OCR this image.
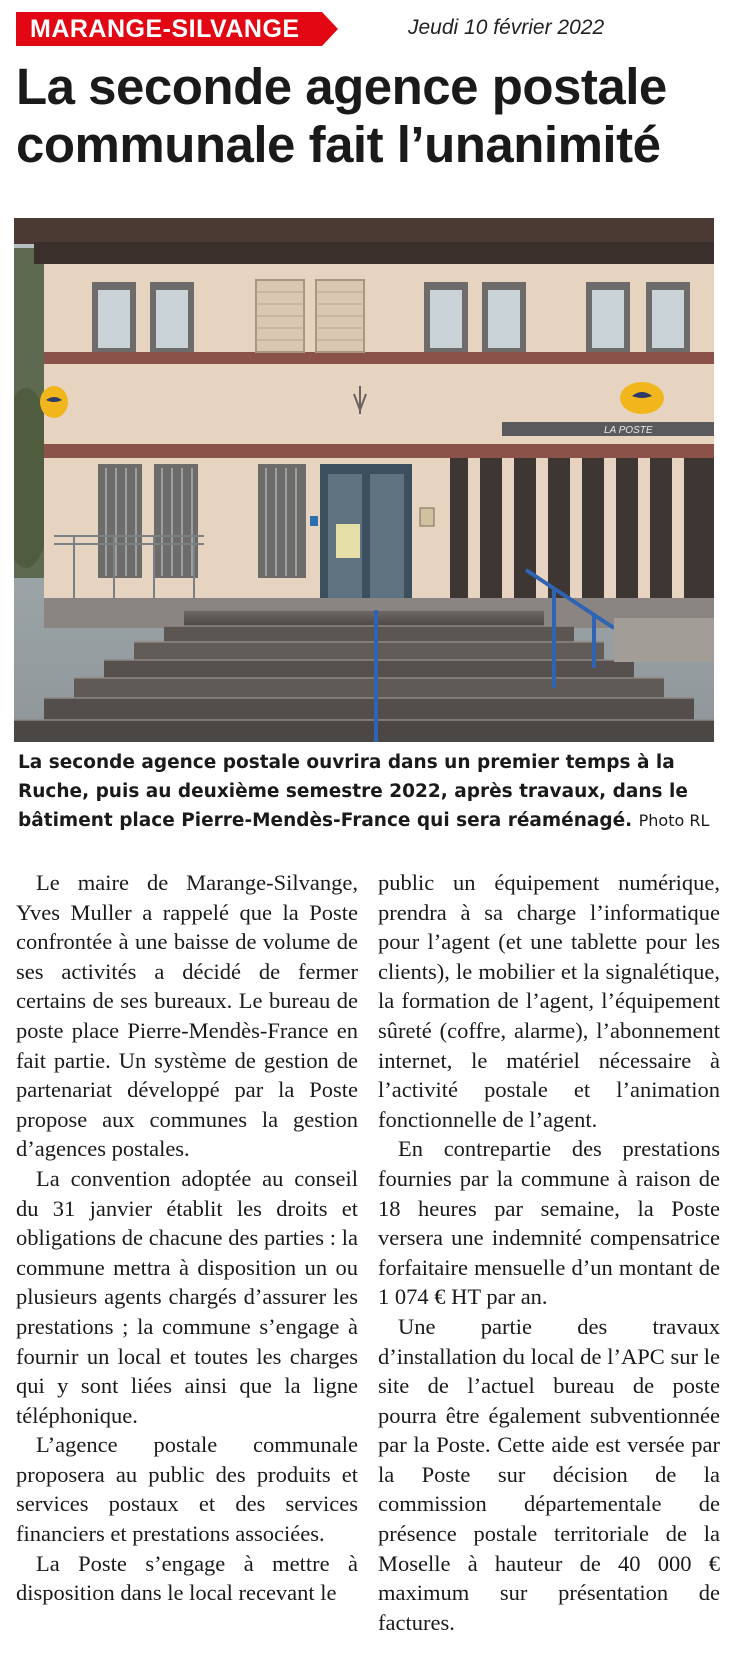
MARANGE-SILVANGE	Jeudi 10 février 2022
La seconde agence postale communale fait l’unanimité
LA POSTE
La seconde agence postale ouvrira dans un premier temps à la Ruche, puis au deuxième semestre 2022, après travaux, dans le bâtiment place Pierre-Mendès-France qui sera réaménagé. Photo RL

Le maire de Marange-Silvange, Yves Muller a rappelé que la Poste confrontée à une baisse de volume de ses activités a décidé de fermer certains de ses bureaux. Le bureau de poste place Pierre-Mendès-France en fait partie. Un système de gestion de partenariat développé par la Poste propose aux communes la gestion d’agences postales.

La convention adoptée au conseil du 31 janvier établit les droits et obligations de chacune des parties : la commune mettra à disposition un ou plusieurs agents chargés d’assurer les prestations ; la commune s’engage à fournir un local et toutes les charges qui y sont liées ainsi que la ligne téléphonique.

L’agence postale communale proposera au public des produits et services postaux et des services financiers et prestations associées.

La Poste s’engage à mettre à disposition dans le local recevant le

public un équipement numérique, prendra à sa charge l’informatique pour l’agent (et une tablette pour les clients), le mobilier et la signalétique, la formation de l’agent, l’équipement sûreté (coffre, alarme), l’abonnement internet, le matériel nécessaire à l’activité postale et l’animation fonctionnelle de l’agent.

En contrepartie des prestations fournies par la commune à raison de 18 heures par semaine, la Poste versera une indemnité compensatrice forfaitaire mensuelle d’un montant de 1 074 € HT par an.

Une partie des travaux d’installation du local de l’APC sur le site de l’actuel bureau de poste pourra être également subventionnée par la Poste. Cette aide est versée par la Poste sur décision de la commission départementale de présence postale territoriale de la Moselle à hauteur de 40 000 € maximum sur présentation de factures.
